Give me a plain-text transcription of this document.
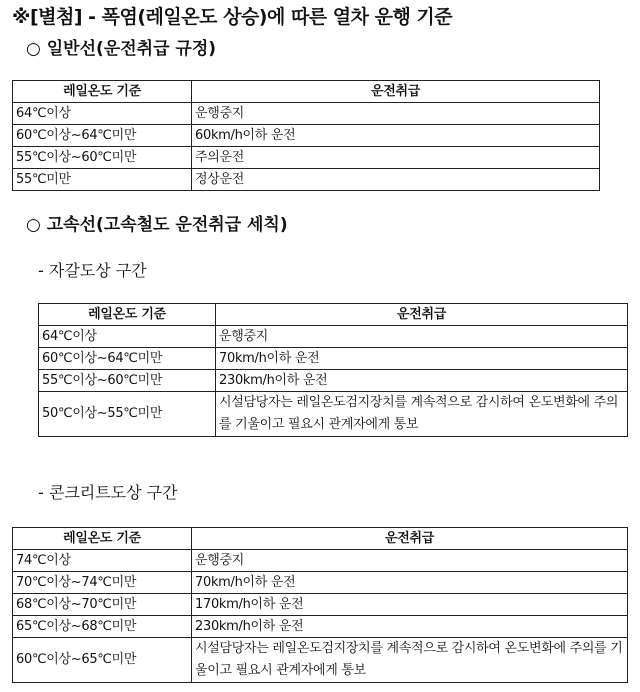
※[별첨] - 폭염(레일온도 상승)에 따른 열차 운행 기준
○ 일반선(운전취급 규정)
레일온도 기준	운전취급
64℃이상	운행중지
60℃이상~64℃미만	60km/h이하 운전
55℃이상~60℃미만	주의운전
55℃미만	정상운전
○ 고속선(고속철도 운전취급 세칙)
- 자갈도상 구간
레일온도 기준	운전취급
64℃이상	운행중지
60℃이상~64℃미만	70km/h이하 운전
55℃이상~60℃미만	230km/h이하 운전
50℃이상~55℃미만	시설담당자는 레일온도검지장치를 계속적으로 감시하여 온도변화에 주의를 기울이고 필요시 관계자에게 통보
- 콘크리트도상 구간
레일온도 기준	운전취급
74℃이상	운행중지
70℃이상~74℃미만	70km/h이하 운전
68℃이상~70℃미만	170km/h이하 운전
65℃이상~68℃미만	230km/h이하 운전
60℃이상~65℃미만	시설담당자는 레일온도검지장치를 계속적으로 감시하여 온도변화에 주의를 기울이고 필요시 관계자에게 통보
